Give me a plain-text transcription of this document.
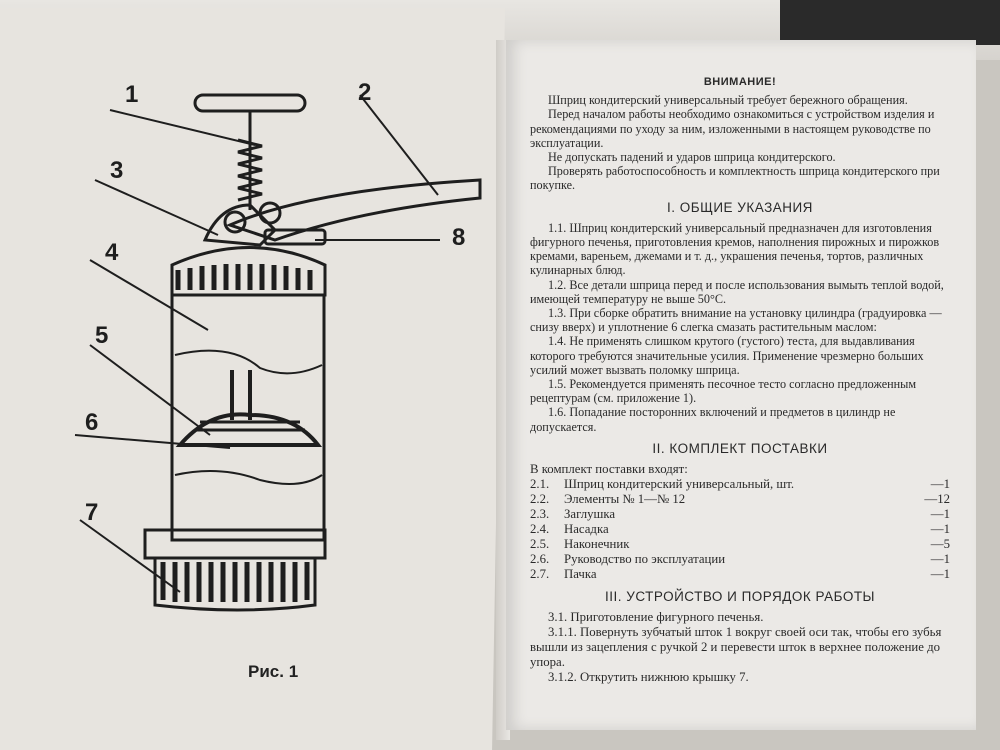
1	2
3
4
5
6
7
8
Рис. 1
ВНИМАНИЕ!

Шприц кондитерский универсальный требует бережного обращения.

Перед началом работы необходимо ознакомиться с устройством изделия и рекомендациями по уходу за ним, изложенными в настоящем руководстве по эксплуатации.

Не допускать падений и ударов шприца кондитерского.

Проверять работоспособность и комплектность шприца кондитерского при покупке.

I. ОБЩИЕ УКАЗАНИЯ

1.1. Шприц кондитерский универсальный предназначен для изготовления фигурного печенья, приготовления кремов, наполнения пирожных и пирожков кремами, вареньем, джемами и т. д., украшения печенья, тортов, различных кулинарных блюд.

1.2. Все детали шприца перед и после использования вымыть теплой водой, имеющей температуру не выше 50°С.

1.3. При сборке обратить внимание на установку цилиндра (градуировка — снизу вверх) и уплотнение 6 слегка смазать растительным маслом:

1.4. Не применять слишком крутого (густого) теста, для выдавливания которого требуются значительные усилия. Применение чрезмерно больших усилий может вызвать поломку шприца.

1.5. Рекомендуется применять песочное тесто согласно предложенным рецептурам (см. приложение 1).

1.6. Попадание посторонних включений и предметов в цилиндр не допускается.

II. КОМПЛЕКТ ПОСТАВКИ
В комплект поставки входят:
2.1. Шприц кондитерский универсальный, шт.	—1
2.2. Элементы № 1—№ 12	—12
2.3. Заглушка	—1
2.4. Насадка	—1
2.5. Наконечник	—5
2.6. Руководство по эксплуатации	—1
2.7. Пачка	—1
III. УСТРОЙСТВО И ПОРЯДОК РАБОТЫ

3.1. Приготовление фигурного печенья.

3.1.1. Повернуть зубчатый шток 1 вокруг своей оси так, чтобы его зубья вышли из зацепления с ручкой 2 и перевести шток в верхнее положение до упора.

3.1.2. Открутить нижнюю крышку 7.
